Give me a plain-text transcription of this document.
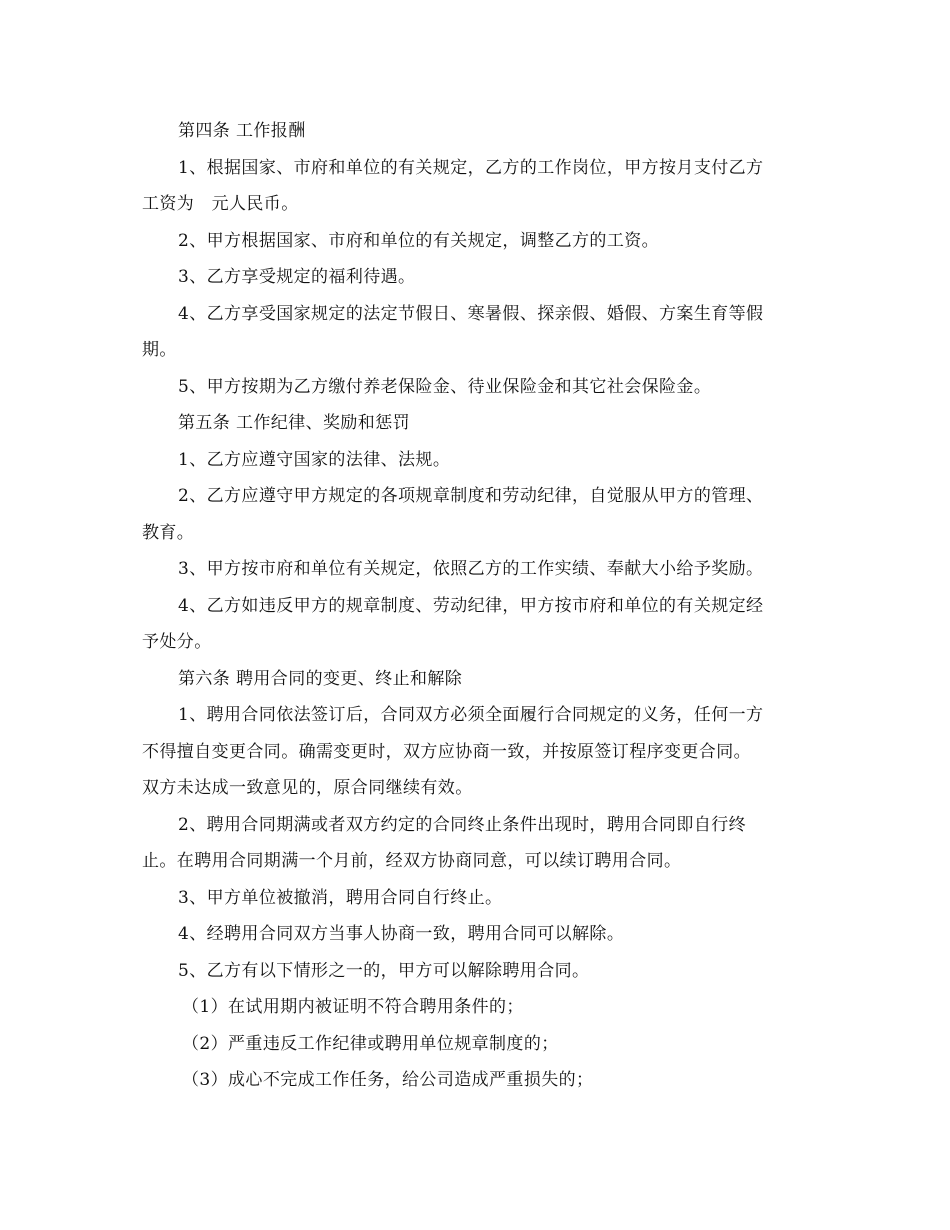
第四条 工作报酬

1、根据国家、市府和单位的有关规定，乙方的工作岗位，甲方按月支付乙方

工资为　元人民币。

2、甲方根据国家、市府和单位的有关规定，调整乙方的工资。

3、乙方享受规定的福利待遇。

4、乙方享受国家规定的法定节假日、寒暑假、探亲假、婚假、方案生育等假

期。

5、甲方按期为乙方缴付养老保险金、待业保险金和其它社会保险金。

第五条 工作纪律、奖励和惩罚

1、乙方应遵守国家的法律、法规。

2、乙方应遵守甲方规定的各项规章制度和劳动纪律，自觉服从甲方的管理、

教育。

3、甲方按市府和单位有关规定，依照乙方的工作实绩、奉献大小给予奖励。

4、乙方如违反甲方的规章制度、劳动纪律，甲方按市府和单位的有关规定经

予处分。

第六条 聘用合同的变更、终止和解除

1、聘用合同依法签订后，合同双方必须全面履行合同规定的义务，任何一方

不得擅自变更合同。确需变更时，双方应协商一致，并按原签订程序变更合同。

双方未达成一致意见的，原合同继续有效。

2、聘用合同期满或者双方约定的合同终止条件出现时，聘用合同即自行终

止。在聘用合同期满一个月前，经双方协商同意，可以续订聘用合同。

3、甲方单位被撤消，聘用合同自行终止。

4、经聘用合同双方当事人协商一致，聘用合同可以解除。

5、乙方有以下情形之一的，甲方可以解除聘用合同。

（1）在试用期内被证明不符合聘用条件的；

（2）严重违反工作纪律或聘用单位规章制度的；

（3）成心不完成工作任务，给公司造成严重损失的；
